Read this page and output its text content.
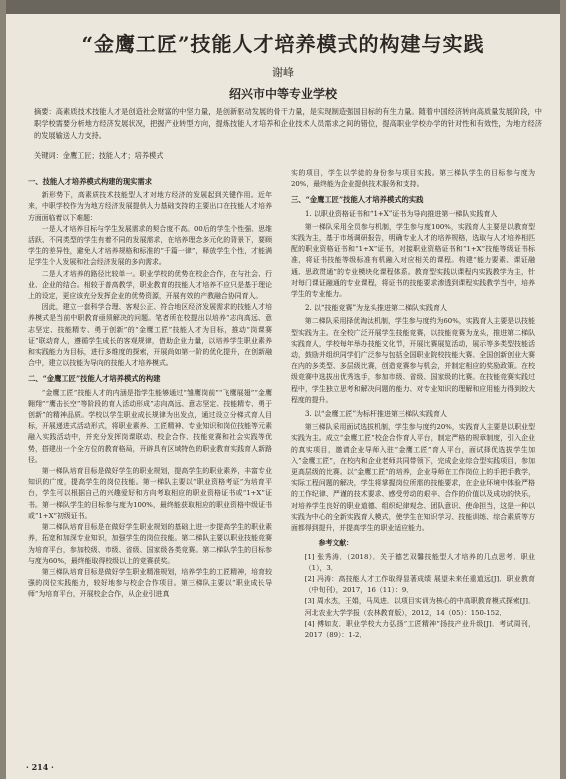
“金鹰工匠”技能人才培养模式的构建与实践
谢峰
绍兴市中等专业学校
摘要：高素质技术技能人才是创造社会财富的中坚力量，是创新驱动发展的骨干力量，是实现制造强国目标的有生力量。随着中国经济转向高质量发展阶段，中职学校需要分析地方经济发展状况，把握产业转型方向，提炼技能人才培养和企业技术人员需求之间的错位，提高职业学校办学的针对性和有效性，为地方经济的发展输送人力支持。
关键词：金鹰工匠；技能人才；培养模式
一、技能人才培养模式构建的现实需求

新形势下，高素质技术技能型人才对地方经济的发展起到关键作用。近年来，中职学校作为为地方经济发展提供人力基础支持的主要出口在技能人才培养方面面临着以下难题：

一是人才培养目标与学生发展需求的契合度不高。00后的学生个性强、思维活跃、不同类型的学生有着不同的发展需求，在培养理念多元化的背景下，要顾学生的差异性，避免人才培养规格和标准的“千篇一律”，释放学生个性，才能满足学生个人发展和社会经济发展的多向需求。

二是人才培养的路径比较单一。职业学校的优势在校企合作，在与社会、行业、企业的结合。相较于普高教学，职业教育的技能人才培养不应只是基于理论上的设定，更应该充分发挥企业的优势资源，开展有效的产教融合协同育人。

因此，建立一套科学合理、客观公正、符合地区经济发展需求的技能人才培养模式是当前中职教育亟须解决的问题。笔者所在校提出以培养“志向高远、意志坚定、技能精专、勇于创新”的“金鹰工匠”技能人才为目标，推动“岗课赛证”联动育人，遵循学生成长的客观规律，借助企业力量，以培养学生职业素养和实践能力为目标，进行多维度的探索，开展尚如第一阶的优化提升，在创新融合中，建立以技能为导向的技能人才培养模式。

二、“金鹰工匠”技能人才培养模式的构建

“金鹰工匠”技能人才的内涵是指学生能够通过“雏鹰岗前”“飞鹰展翅”“金鹰翱翔”“鹰击长空”等阶段的育人活动形成“志向高远、意志坚定、技能精专、勇于创新”的精神品质。学校以学生职业成长规律为出发点，通过设立分梯式育人目标，开展递进式活动形式，将职业素养、工匠精神、专业知识和岗位技能等元素融入实践活动中，并充分发挥岗课联动、校企合作、技能竞赛和社会实践等优势，搭建出一个全方位的教育格局，开辟具有区域特色的职业教育实践育人新路径。

第一梯队培育目标是做好学生的职业规划，提高学生的职业素养，丰富专业知识的广度，提高学生的岗位技能。第一梯队主要以“职业资格考证”为培育平台，学生可以根据自己的兴趣爱好和方向考取相应的职业资格证书或“1+X”证书。第一梯队学生的目标参与度为100%，最终能获取相应的职业资格中级证书或“1+X”初级证书。

第二梯队培育目标是在做好学生职业规划的基础上进一步提高学生的职业素养，拓宽和加深专业知识，加强学生的岗位技能。第二梯队主要以职业技能竞赛为培育平台，参加校级、市级、省级、国家级各类竞赛。第二梯队学生的目标参与度为60%，最终能取得校级以上的竞赛获奖。

第三梯队培育目标是做好学生职业精准规划，培养学生的工匠精神，培育较强的岗位实践能力，较好地参与校企合作项目。第三梯队主要以“职业成长导师”为培育平台，开展校企合作，从企业引进真

实的项目，学生以学徒的身份参与项目实践。第三梯队学生的目标参与度为20%，最终能为企业提供技术服务和支持。

三、“金鹰工匠”技能人才培养模式的实践
1. 以职业资格证书和“1+X”证书为导向推进第一梯队实践育人

第一梯队采用全员参与机制，学生参与度100%，实践育人主要是以教育型实践为主，基于市场调研报告，明确专业人才的培养规格，选取与人才培养相匹配的职业资格证书和“1+X”证书，对接职业资格证书和“1+X”技能等级证书标准，将证书技能等级标准有机融入对应相关的课程。构建“能力要素、课证融通、思政贯通”的专业模块化课程体系。教育型实践以课程内实践教学为主，针对每门课证融通的专业课程，将证书的技能要求渗透到课程实践教学当中，培养学生的专业能力。

2. 以“技能竞赛”为龙头推进第二梯队实践育人

第二梯队采用择优淘汰机制，学生参与度约为60%，实践育人主要是以技能型实践为主。在全校广泛开展学生技能竞赛，以技能竞赛为龙头，推进第二梯队实践育人，学校每年举办技能文化节，开展比赛展览活动，展示等多类型技能活动，鼓励并组织同学们广泛参与包括全国职业院校技能大赛、全国创新创业大赛在内的多类型、多层级比赛，创造竞赛参与机会，并制定相应的奖励政策。在校级竞赛中选拔出优秀选手，参加市级、省级、国家级的比赛。在技能竞赛实践过程中，学生独立思考和解决问题的能力、对专业知识的理解和应用能力得到较大程度的提升。

3. 以“金鹰工匠”为标杆推进第三梯队实践育人

第三梯队采用面试选拔机制，学生参与度约20%，实践育人主要是以职业型实践为主。成立“金鹰工匠”校企合作育人平台，制定严格的规章制度，引入企业的真实项目，邀请企业导师入驻“金鹰工匠”育人平台，面试择优选拔学生加入“金鹰工匠”，在校内和企业老师共同带领下，完成企业综合型实践项目，参加更高层级的比赛。以“金鹰工匠”的培养，企业导师在工作岗位上的手把手教学，实际工程问题的解决，学生将掌握岗位所需的技能要求，在企业环境中体验严格的工作纪律、严谨的技术要求、感受劳动的艰辛、合作的价值以及成功的快乐，对培养学生良好的职业道德、组织纪律观念、团队意识、使命担当，这是一种以实践为中心的全新实践育人模式，使学生在知识学习、技能训练、综合素质等方面都得到提升，并提高学生的职业适应能力。

参考文献：

[1] 张秀涛．（2018）．关于德艺双馨技能型人才培养的几点思考．职业（1），3．

[2] 冯涛：高技能人才工作取得显著成绩 展望未来任重道远[J]．职业教育（中旬刊），2017，16（11）：9．

[3] 周水杰，王娟，马凤进．以项目实训为核心的中高职教育模式探索[J]．河北农业大学学报（农林教育版），2012，14（05）：150-152．

[4] 傅如友．职业学校大力弘扬“工匠精神”扬技产业升级[J]．考试周刊，2017（89）：1-2．

· 214 ·
